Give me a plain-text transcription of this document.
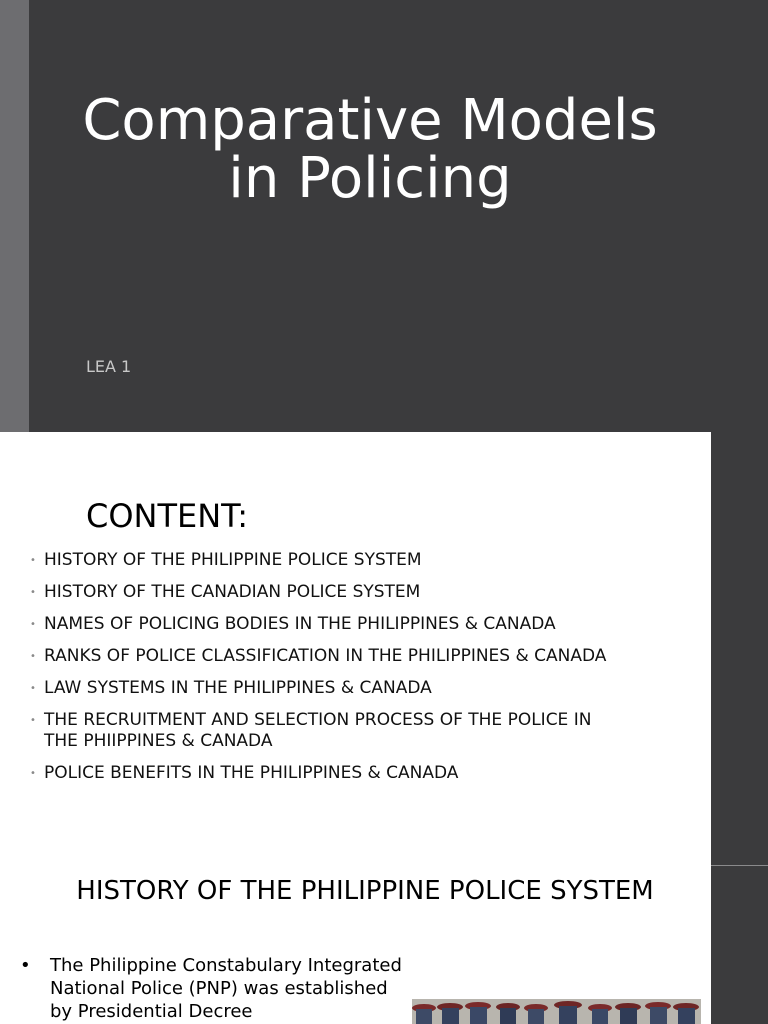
Comparative Models in Policing
LEA 1
CONTENT:
• HISTORY OF THE PHILIPPINE POLICE SYSTEM
• HISTORY OF THE CANADIAN POLICE SYSTEM
• NAMES OF POLICING BODIES IN THE PHILIPPINES & CANADA
• RANKS OF POLICE CLASSIFICATION IN THE PHILIPPINES & CANADA
• LAW SYSTEMS IN THE PHILIPPINES & CANADA
• THE RECRUITMENT AND SELECTION PROCESS OF THE POLICE IN THE PHIIPPINES & CANADA
• POLICE BENEFITS IN THE PHILIPPINES & CANADA
HISTORY OF THE PHILIPPINE POLICE SYSTEM
• The Philippine Constabulary Integrated National Police (PNP) was established by Presidential Decree
